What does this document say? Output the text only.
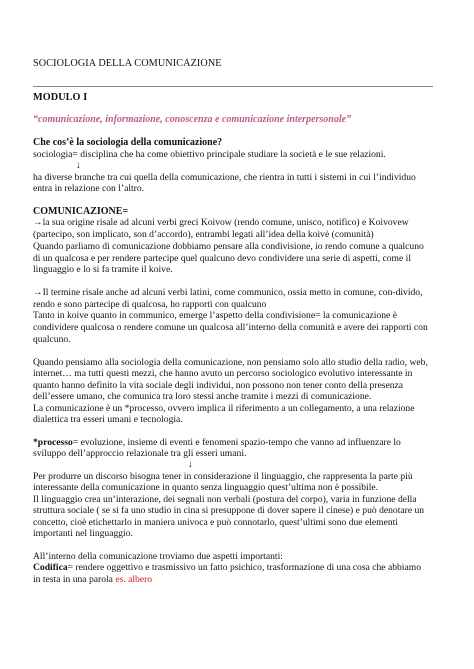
SOCIOLOGIA DELLA COMUNICAZIONE
MODULO I
“comunicazione, informazione, conoscenza e comunicazione interpersonale”
Che cos’è la sociologia della comunicazione?
sociologia= disciplina che ha come obiettivo principale studiare la società e le sue relazioni.
↓
ha diverse branche tra cui quella della comunicazione, che rientra in tutti i sistemi in cui l’individuo
entra in relazione con l’altro.
COMUNICAZIONE=
→la sua origine risale ad alcuni verbi greci Koivow (rendo comune, unisco, notifico) e Koivovew
(partecipo, son implicato, son d’accordo), entrambi legati all’idea della koivè (comunità)
Quando parliamo di comunicazione dobbiamo pensare alla condivisione, io rendo comune a qualcuno
di un qualcosa e per rendere partecipe quel qualcuno devo condividere una serie di aspetti, come il
linguaggio e lo si fa tramite il koive.
→Il termine risale anche ad alcuni verbi latini, come communico, ossia metto in comune, con-divido,
rendo e sono partecipe di qualcosa, ho rapporti con qualcuno
Tanto in koive quanto in communico, emerge l’aspetto della condivisione= la comunicazione è
condividere qualcosa o rendere comune un qualcosa all’interno della comunità e avere dei rapporti con
qualcuno.
Quando pensiamo alla sociologia della comunicazione, non pensiamo solo allo studio della radio, web,
internet… ma tutti questi mezzi, che hanno avuto un percorso sociologico evolutivo interessante in
quanto hanno definito la vita sociale degli individui, non possono non tener conto della presenza
dell’essere umano, che comunica tra loro stessi anche tramite i mezzi di comunicazione.
La comunicazione è un *processo, ovvero implica il riferimento a un collegamento, a una relazione
dialettica tra esseri umani e tecnologia.
*processo= evoluzione, insieme di eventi e fenomeni spazio-tempo che vanno ad influenzare lo
sviluppo dell’approccio relazionale tra gli esseri umani.
↓
Per produrre un discorso bisogna tener in considerazione il linguaggio, che rappresenta la parte più
interessante della comunicazione in quanto senza linguaggio quest’ultima non è possibile.
Il linguaggio crea un’interazione, dei segnali non verbali (postura del corpo), varia in funzione della
struttura sociale ( se si fa uno studio in cina si presuppone di dover sapere il cinese) e può denotare un
concetto, cioè etichettarlo in maniera univoca e può connotarlo, quest’ultimi sono due elementi
importanti nel linguaggio.
All’interno della comunicazione troviamo due aspetti importanti:
Codifica= rendere oggettivo e trasmissivo un fatto psichico, trasformazione di una cosa che abbiamo
in testa in una parola es. albero
